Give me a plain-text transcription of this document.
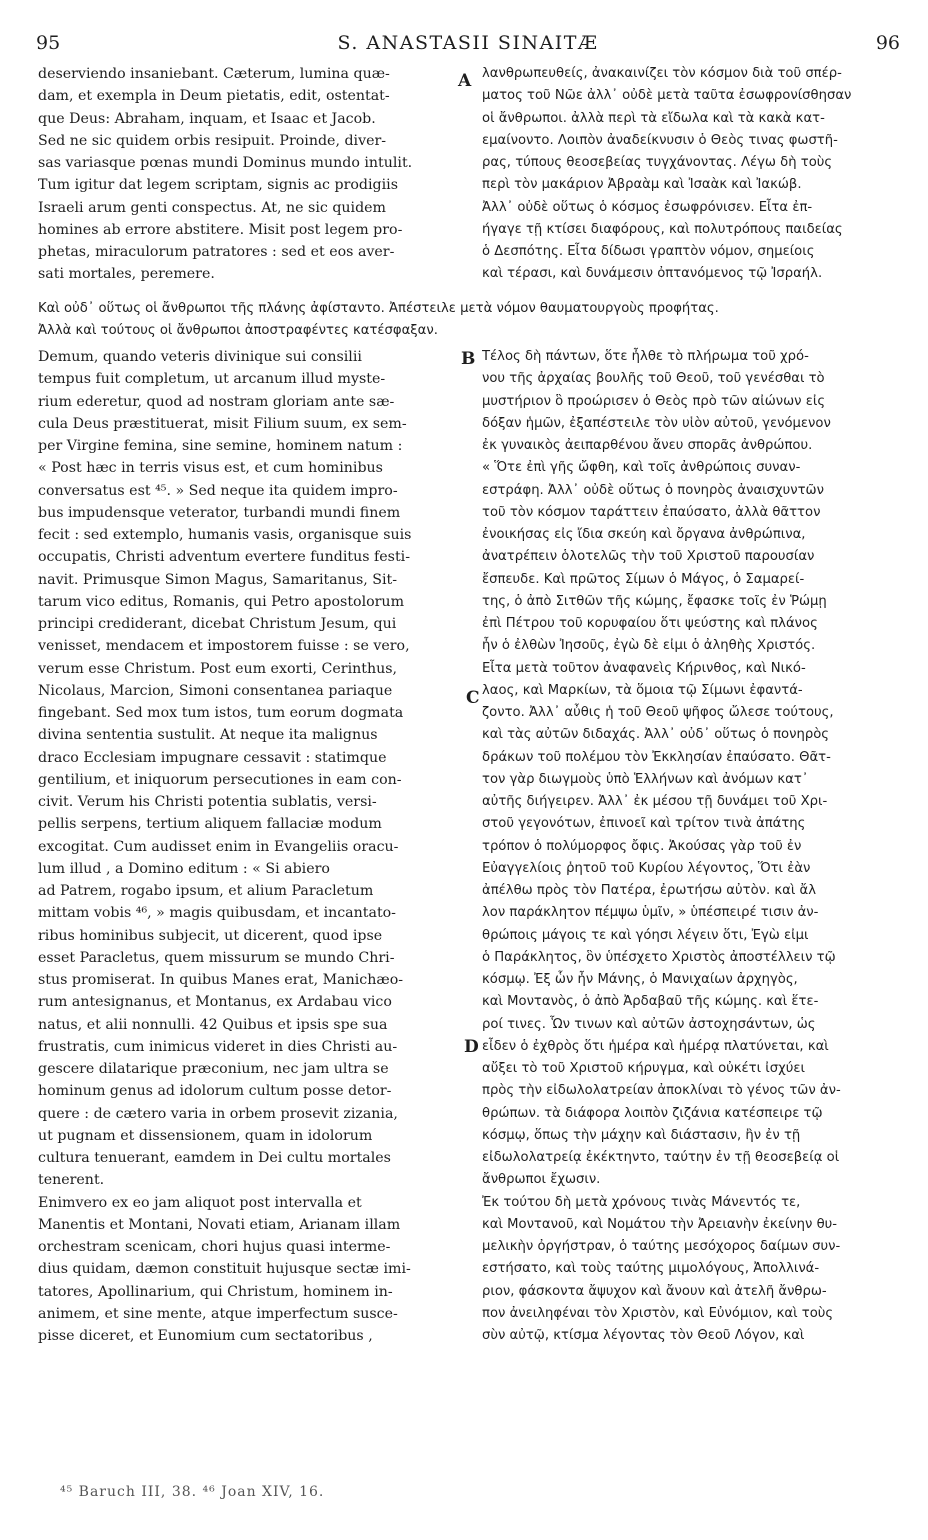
95	S. ANASTASII SINAITÆ	96
A
B
C
D
deserviendo insaniebant. Cæterum, lumina quæ-
dam, et exempla in Deum pietatis, edit, ostentat-
que Deus: Abraham, inquam, et Isaac et Jacob.
Sed ne sic quidem orbis resipuit. Proinde, diver-
sas variasque pœnas mundi Dominus mundo intulit.
Tum igitur dat legem scriptam, signis ac prodigiis
Israeli arum genti conspectus. At, ne sic quidem
homines ab errore abstitere. Misit post legem pro-
phetas, miraculorum patratores : sed et eos aver-
sati mortales, peremere.
λανθρωπευθείς, ἀνακαινίζει τὸν κόσμον διὰ τοῦ σπέρ-
ματος τοῦ Νῶε ἀλλ᾽ οὐδὲ μετὰ ταῦτα ἐσωφρονίσθησαν
οἱ ἄνθρωποι. ἀλλὰ περὶ τὰ εἴδωλα καὶ τὰ κακὰ κατ-
εμαίνοντο. Λοιπὸν ἀναδείκνυσιν ὁ Θεὸς τινας φωστῆ-
ρας, τύπους θεοσεβείας τυγχάνοντας. Λέγω δὴ τοὺς
περὶ τὸν μακάριον Ἀβραὰμ καὶ Ἰσαὰκ καὶ Ἰακώβ.
Ἀλλ᾽ οὐδὲ οὕτως ὁ κόσμος ἐσωφρόνισεν. Εἶτα ἐπ-
ήγαγε τῇ κτίσει διαφόρους, καὶ πολυτρόπους παιδείας
ὁ Δεσπότης. Εἶτα δίδωσι γραπτὸν νόμον, σημείοις
καὶ τέρασι, καὶ δυνάμεσιν ὀπτανόμενος τῷ Ἰσραήλ.
Καὶ οὐδ᾽ οὕτως οἱ ἄνθρωποι τῆς πλάνης ἀφίσταντο. Ἀπέστειλε μετὰ νόμον θαυματουργοὺς προφήτας.
Ἀλλὰ καὶ τούτους οἱ ἄνθρωποι ἀποστραφέντες κατέσφαξαν.
Demum, quando veteris divinique sui consilii
tempus fuit completum, ut arcanum illud myste-
rium ederetur, quod ad nostram gloriam ante sæ-
cula Deus præstituerat, misit Filium suum, ex sem-
per Virgine femina, sine semine, hominem natum :
« Post hæc in terris visus est, et cum hominibus
conversatus est ⁴⁵. » Sed neque ita quidem impro-
bus impudensque veterator, turbandi mundi finem
fecit : sed extemplo, humanis vasis, organisque suis
occupatis, Christi adventum evertere funditus festi-
navit. Primusque Simon Magus, Samaritanus, Sit-
tarum vico editus, Romanis, qui Petro apostolorum
principi crediderant, dicebat Christum Jesum, qui
venisset, mendacem et impostorem fuisse : se vero,
verum esse Christum. Post eum exorti, Cerinthus,
Nicolaus, Marcion, Simoni consentanea pariaque
fingebant. Sed mox tum istos, tum eorum dogmata
divina sententia sustulit. At neque ita malignus
draco Ecclesiam impugnare cessavit : statimque
gentilium, et iniquorum persecutiones in eam con-
civit. Verum his Christi potentia sublatis, versi-
pellis serpens, tertium aliquem fallaciæ modum
excogitat. Cum audisset enim in Evangeliis oracu-
lum illud , a Domino editum : « Si abiero
ad Patrem, rogabo ipsum, et alium Paracletum
mittam vobis ⁴⁶, » magis quibusdam, et incantato-
ribus hominibus subjecit, ut dicerent, quod ipse
esset Paracletus, quem missurum se mundo Chri-
stus promiserat. In quibus Manes erat, Manichæo-
rum antesignanus, et Montanus, ex Ardabau vico
natus, et alii nonnulli. 42 Quibus et ipsis spe sua
frustratis, cum inimicus videret in dies Christi au-
gescere dilatarique præconium, nec jam ultra se
hominum genus ad idolorum cultum posse detor-
quere : de cætero varia in orbem prosevit zizania,
ut pugnam et dissensionem, quam in idolorum
cultura tenuerant, eamdem in Dei cultu mortales
tenerent.
Enimvero ex eo jam aliquot post intervalla et
Manentis et Montani, Novati etiam, Arianam illam
orchestram scenicam, chori hujus quasi interme-
dius quidam, dæmon constituit hujusque sectæ imi-
tatores, Apollinarium, qui Christum, hominem in-
animem, et sine mente, atque imperfectum susce-
pisse diceret, et Eunomium cum sectatoribus ,
Τέλος δὴ πάντων, ὅτε ἦλθε τὸ πλήρωμα τοῦ χρό-
νου τῆς ἀρχαίας βουλῆς τοῦ Θεοῦ, τοῦ γενέσθαι τὸ
μυστήριον ὃ προώρισεν ὁ Θεὸς πρὸ τῶν αἰώνων εἰς
δόξαν ἡμῶν, ἐξαπέστειλε τὸν υἱὸν αὐτοῦ, γενόμενον
ἐκ γυναικὸς ἀειπαρθένου ἄνευ σπορᾶς ἀνθρώπου.
« Ὅτε ἐπὶ γῆς ὤφθη, καὶ τοῖς ἀνθρώποις συναν-
εστράφη. Ἀλλ᾽ οὐδὲ οὕτως ὁ πονηρὸς ἀναισχυντῶν
τοῦ τὸν κόσμον ταράττειν ἐπαύσατο, ἀλλὰ θᾶττον
ἐνοικήσας εἰς ἴδια σκεύη καὶ ὄργανα ἀνθρώπινα,
ἀνατρέπειν ὁλοτελῶς τὴν τοῦ Χριστοῦ παρουσίαν
ἔσπευδε. Καὶ πρῶτος Σίμων ὁ Μάγος, ὁ Σαμαρεί-
της, ὁ ἀπὸ Σιτθῶν τῆς κώμης, ἔφασκε τοῖς ἐν Ῥώμῃ
ἐπὶ Πέτρου τοῦ κορυφαίου ὅτι ψεύστης καὶ πλάνος
ἦν ὁ ἐλθὼν Ἰησοῦς, ἐγὼ δὲ εἰμι ὁ ἀληθὴς Χριστός.
Εἶτα μετὰ τοῦτον ἀναφανεὶς Κήρινθος, καὶ Νικό-
λαος, καὶ Μαρκίων, τὰ ὅμοια τῷ Σίμωνι ἐφαντά-
ζοντο. Ἀλλ᾽ αὖθις ἡ τοῦ Θεοῦ ψῆφος ὤλεσε τούτους,
καὶ τὰς αὐτῶν διδαχάς. Ἀλλ᾽ οὐδ᾽ οὕτως ὁ πονηρὸς
δράκων τοῦ πολέμου τὸν Ἐκκλησίαν ἐπαύσατο. Θᾶτ-
τον γὰρ διωγμοὺς ὑπὸ Ἑλλήνων καὶ ἀνόμων κατ᾽
αὐτῆς διήγειρεν. Ἀλλ᾽ ἐκ μέσου τῇ δυνάμει τοῦ Χρι-
στοῦ γεγονότων, ἐπινοεῖ καὶ τρίτον τινὰ ἀπάτης
τρόπον ὁ πολύμορφος ὄφις. Ἀκούσας γὰρ τοῦ ἐν
Εὐαγγελίοις ῥητοῦ τοῦ Κυρίου λέγοντος, Ὅτι ἐὰν
ἀπέλθω πρὸς τὸν Πατέρα, ἐρωτήσω αὐτὸν. καὶ ἄλ
λον παράκλητον πέμψω ὑμῖν, » ὑπέσπειρέ τισιν ἀν-
θρώποις μάγοις τε καὶ γόησι λέγειν ὅτι, Ἐγὼ εἰμι
ὁ Παράκλητος, ὃν ὑπέσχετο Χριστὸς ἀποστέλλειν τῷ
κόσμῳ. Ἐξ ὧν ἦν Μάνης, ὁ Μανιχαίων ἀρχηγὸς,
καὶ Μοντανὸς, ὁ ἀπὸ Ἀρδαβαῦ τῆς κώμης. καὶ ἕτε-
ροί τινες. Ὧν τινων καὶ αὐτῶν ἀστοχησάντων, ὡς
εἶδεν ὁ ἐχθρὸς ὅτι ἡμέρα καὶ ἡμέρᾳ πλατύνεται, καὶ
αὔξει τὸ τοῦ Χριστοῦ κήρυγμα, καὶ οὐκέτι ἰσχύει
πρὸς τὴν εἰδωλολατρείαν ἀποκλίναι τὸ γένος τῶν ἀν-
θρώπων. τὰ διάφορα λοιπὸν ζιζάνια κατέσπειρε τῷ
κόσμῳ, ὅπως τὴν μάχην καὶ διάστασιν, ἣν ἐν τῇ
εἰδωλολατρείᾳ ἐκέκτηντο, ταύτην ἐν τῇ θεοσεβείᾳ οἱ
ἄνθρωποι ἔχωσιν.
Ἐκ τούτου δὴ μετὰ χρόνους τινὰς Μάνεντός τε,
καὶ Μοντανοῦ, καὶ Νομάτου τὴν Ἀρειανὴν ἐκείνην θυ-
μελικὴν ὀργήστραν, ὁ ταύτης μεσόχορος δαίμων συν-
εστήσατο, καὶ τοὺς ταύτης μιμολόγους, Ἀπολλινά-
ριον, φάσκοντα ἄψυχον καὶ ἄνουν καὶ ἀτελῆ ἄνθρω-
πον ἀνειληφέναι τὸν Χριστὸν, καὶ Εὐνόμιον, καὶ τοὺς
σὺν αὐτῷ, κτίσμα λέγοντας τὸν Θεοῦ Λόγον, καὶ
⁴⁵ Baruch III, 38. ⁴⁶ Joan XIV, 16.
